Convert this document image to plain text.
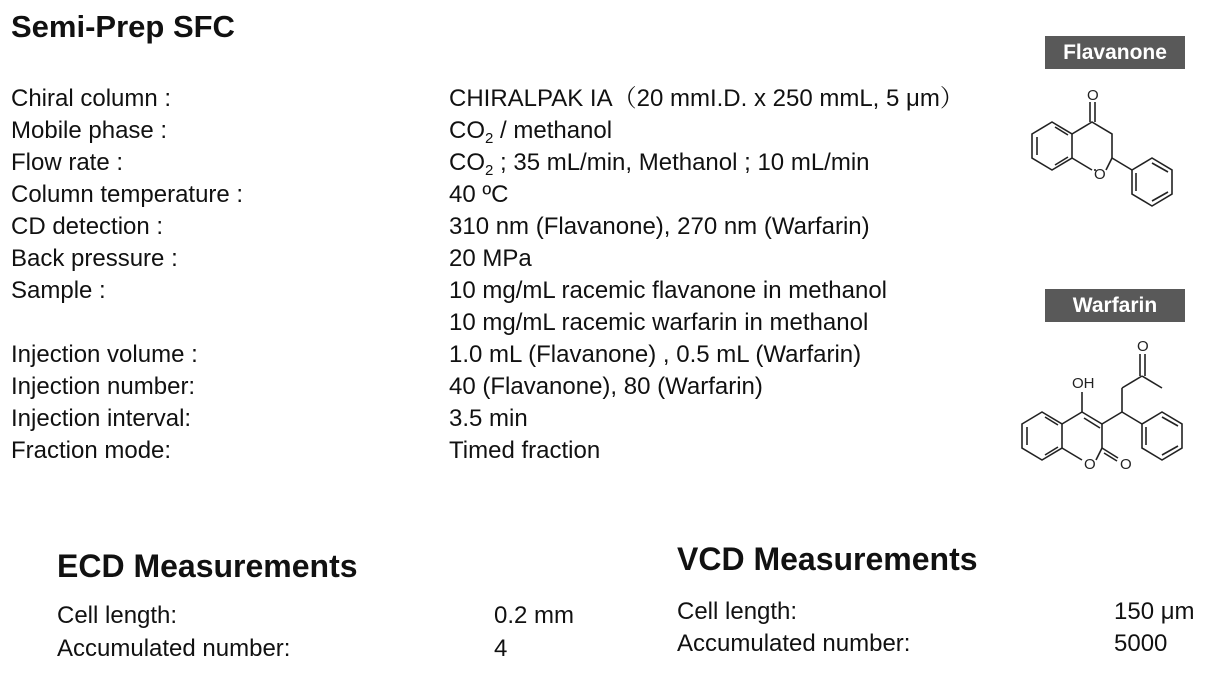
Semi-Prep SFC
Chiral column :	CHIRALPAK IA（20 mmI.D. x 250 mmL, 5 μm）
Mobile phase :	$CO_2$ / methanol
Flow rate :	$CO_2$ ; 35 mL/min, Methanol ; 10 mL/min
Column temperature :	40 ºC
CD detection :	310 nm (Flavanone), 270 nm (Warfarin)
Back pressure :	20 MPa
Sample :	10 mg/mL racemic flavanone in methanol
10 mg/mL racemic warfarin in methanol
Injection volume :	1.0 mL (Flavanone) , 0.5 mL (Warfarin)
Injection number:	40 (Flavanone), 80 (Warfarin)
Injection interval:	3.5 min
Fraction mode:	Timed fraction
Flavanone
O
O
Warfarin
O O
OH
O
ECD Measurements
Cell length:	0.2 mm
Accumulated number:	4
VCD Measurements
Cell length:	150 μm
Accumulated number:	5000
